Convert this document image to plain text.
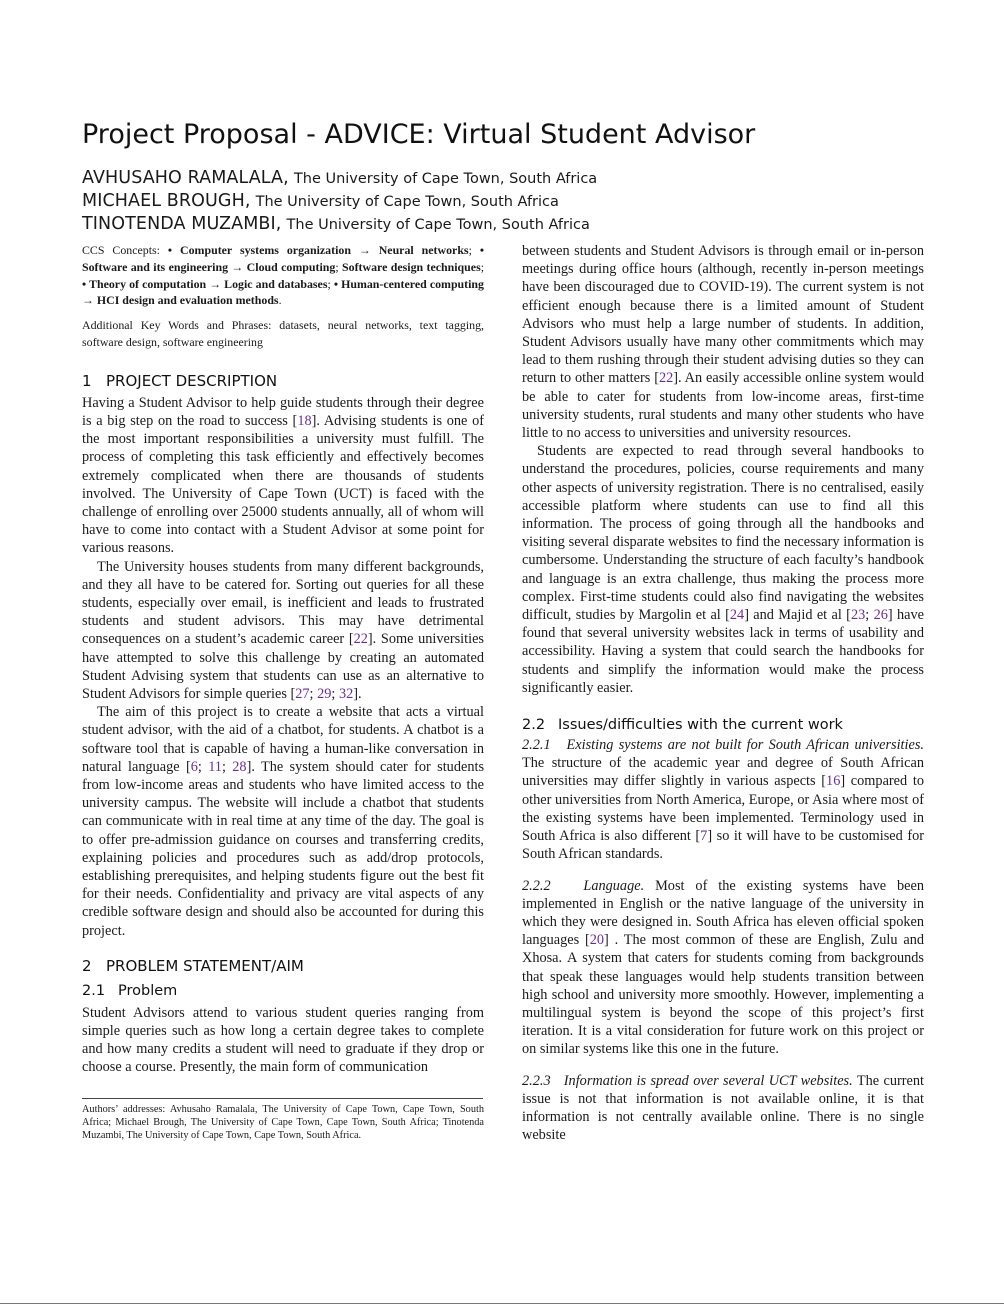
Project Proposal - ADVICE: Virtual Student Advisor
AVHUSAHO RAMALALA, The University of Cape Town, South Africa
MICHAEL BROUGH, The University of Cape Town, South Africa
TINOTENDA MUZAMBI, The University of Cape Town, South Africa

CCS Concepts: • Computer systems organization → Neural networks; • Software and its engineering → Cloud computing; Software design techniques; • Theory of computation → Logic and databases; • Human-centered computing → HCI design and evaluation methods.

Additional Key Words and Phrases: datasets, neural networks, text tagging, software design, software engineering

1 PROJECT DESCRIPTION

Having a Student Advisor to help guide students through their degree is a big step on the road to success [18]. Advising students is one of the most important responsibilities a university must fulfill. The process of completing this task efficiently and effectively becomes extremely complicated when there are thousands of students involved. The University of Cape Town (UCT) is faced with the challenge of enrolling over 25000 students annually, all of whom will have to come into contact with a Student Advisor at some point for various reasons.

The University houses students from many different backgrounds, and they all have to be catered for. Sorting out queries for all these students, especially over email, is inefficient and leads to frustrated students and student advisors. This may have detrimental consequences on a student’s academic career [22]. Some universities have attempted to solve this challenge by creating an automated Student Advising system that students can use as an alternative to Student Advisors for simple queries [27; 29; 32].

The aim of this project is to create a website that acts a virtual student advisor, with the aid of a chatbot, for students. A chatbot is a software tool that is capable of having a human-like conversation in natural language [6; 11; 28]. The system should cater for students from low-income areas and students who have limited access to the university campus. The website will include a chatbot that students can communicate with in real time at any time of the day. The goal is to offer pre-admission guidance on courses and transferring credits, explaining policies and procedures such as add/drop protocols, establishing prerequisites, and helping students figure out the best fit for their needs. Confidentiality and privacy are vital aspects of any credible software design and should also be accounted for during this project.

2 PROBLEM STATEMENT/AIM
2.1 Problem

Student Advisors attend to various student queries ranging from simple queries such as how long a certain degree takes to complete and how many credits a student will need to graduate if they drop or choose a course. Presently, the main form of communication

between students and Student Advisors is through email or in-person meetings during office hours (although, recently in-person meetings have been discouraged due to COVID-19). The current system is not efficient enough because there is a limited amount of Student Advisors who must help a large number of students. In addition, Student Advisors usually have many other commitments which may lead to them rushing through their student advising duties so they can return to other matters [22]. An easily accessible online system would be able to cater for students from low-income areas, first-time university students, rural students and many other students who have little to no access to universities and university resources.

Students are expected to read through several handbooks to understand the procedures, policies, course requirements and many other aspects of university registration. There is no centralised, easily accessible platform where students can use to find all this information. The process of going through all the handbooks and visiting several disparate websites to find the necessary information is cumbersome. Understanding the structure of each faculty’s handbook and language is an extra challenge, thus making the process more complex. First-time students could also find navigating the websites difficult, studies by Margolin et al [24] and Majid et al [23; 26] have found that several university websites lack in terms of usability and accessibility. Having a system that could search the handbooks for students and simplify the information would make the process significantly easier.

2.2 Issues/difficulties with the current work

2.2.1 Existing systems are not built for South African universities. The structure of the academic year and degree of South African universities may differ slightly in various aspects [16] compared to other universities from North America, Europe, or Asia where most of the existing systems have been implemented. Terminology used in South Africa is also different [7] so it will have to be customised for South African standards.

2.2.2 Language. Most of the existing systems have been implemented in English or the native language of the university in which they were designed in. South Africa has eleven official spoken languages [20] . The most common of these are English, Zulu and Xhosa. A system that caters for students coming from backgrounds that speak these languages would help students transition between high school and university more smoothly. However, implementing a multilingual system is beyond the scope of this project’s first iteration. It is a vital consideration for future work on this project or on similar systems like this one in the future.

2.2.3 Information is spread over several UCT websites. The current issue is not that information is not available online, it is that information is not centrally available online. There is no single website

Authors’ addresses: Avhusaho Ramalala, The University of Cape Town, Cape Town, South Africa; Michael Brough, The University of Cape Town, Cape Town, South Africa; Tinotenda Muzambi, The University of Cape Town, Cape Town, South Africa.
